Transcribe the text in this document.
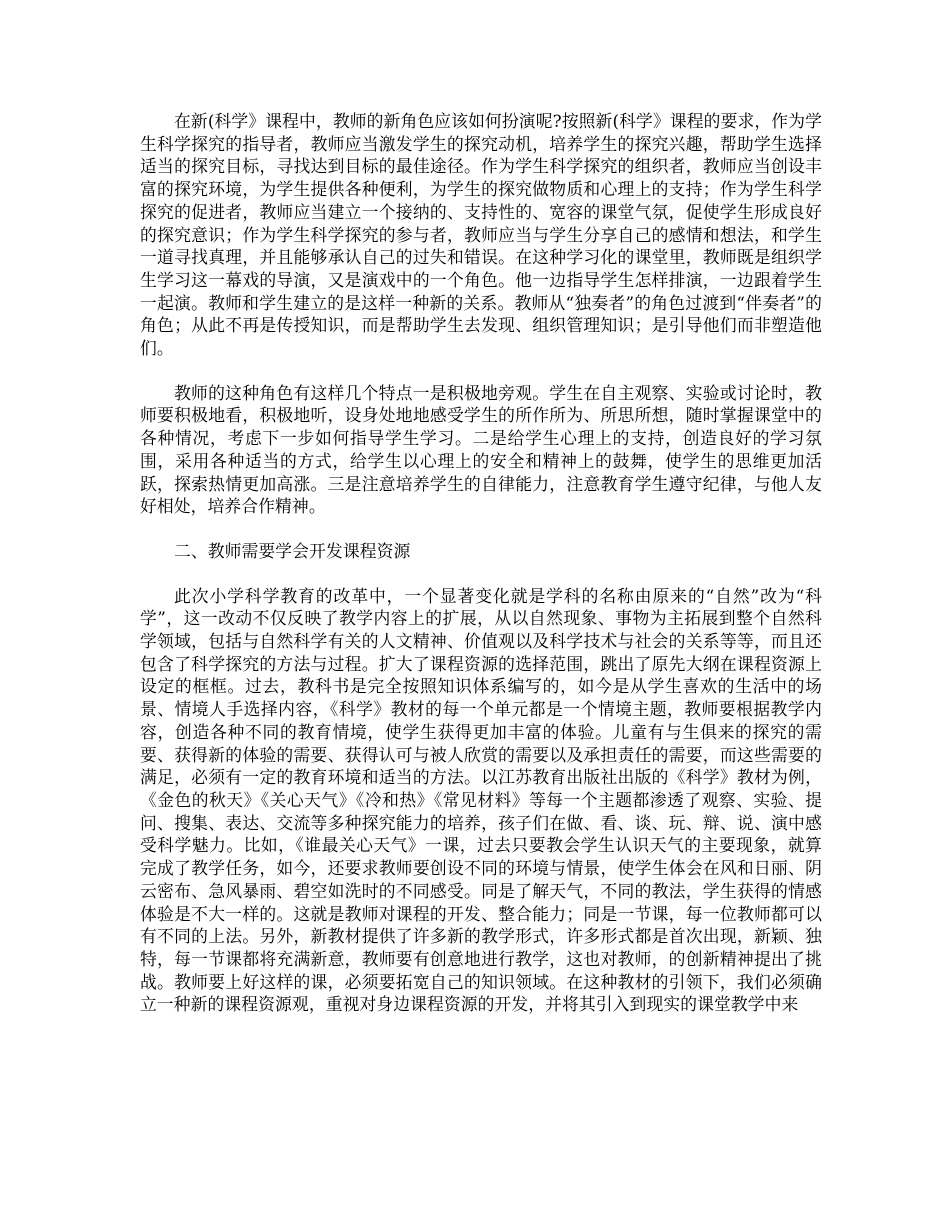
在新(科学》课程中，教师的新角色应该如何扮演呢?按照新(科学》课程的要求，作为学生科学探究的指导者，教师应当激发学生的探究动机，培养学生的探究兴趣，帮助学生选择适当的探究目标，寻找达到目标的最佳途径。作为学生科学探究的组织者，教师应当创设丰富的探究环境，为学生提供各种便利，为学生的探究做物质和心理上的支持；作为学生科学探究的促进者，教师应当建立一个接纳的、支持性的、宽容的课堂气氛，促使学生形成良好的探究意识；作为学生科学探究的参与者，教师应当与学生分享自己的感情和想法，和学生一道寻找真理，并且能够承认自己的过失和错误。在这种学习化的课堂里，教师既是组织学生学习这一幕戏的导演，又是演戏中的一个角色。他一边指导学生怎样排演，一边跟着学生一起演。教师和学生建立的是这样一种新的关系。教师从“独奏者”的角色过渡到“伴奏者”的角色；从此不再是传授知识，而是帮助学生去发现、组织管理知识；是引导他们而非塑造他们。

教师的这种角色有这样几个特点一是积极地旁观。学生在自主观察、实验或讨论时，教师要积极地看，积极地听，设身处地地感受学生的所作所为、所思所想，随时掌握课堂中的各种情况，考虑下一步如何指导学生学习。二是给学生心理上的支持，创造良好的学习氛围，采用各种适当的方式，给学生以心理上的安全和精神上的鼓舞，使学生的思维更加活跃，探索热情更加高涨。三是注意培养学生的自律能力，注意教育学生遵守纪律，与他人友好相处，培养合作精神。

二、教师需要学会开发课程资源

此次小学科学教育的改革中，一个显著变化就是学科的名称由原来的“自然”改为“科学”，这一改动不仅反映了教学内容上的扩展，从以自然现象、事物为主拓展到整个自然科学领域，包括与自然科学有关的人文精神、价值观以及科学技术与社会的关系等等，而且还包含了科学探究的方法与过程。扩大了课程资源的选择范围，跳出了原先大纲在课程资源上设定的框框。过去，教科书是完全按照知识体系编写的，如今是从学生喜欢的生活中的场景、情境人手选择内容，《科学》教材的每一个单元都是一个情境主题，教师要根据教学内容，创造各种不同的教育情境，使学生获得更加丰富的体验。儿童有与生俱来的探究的需要、获得新的体验的需要、获得认可与被人欣赏的需要以及承担责任的需要，而这些需要的满足，必须有一定的教育环境和适当的方法。以江苏教育出版社出版的《科学》教材为例，《金色的秋天》《关心天气》《冷和热》《常见材料》等每一个主题都渗透了观察、实验、提问、搜集、表达、交流等多种探究能力的培养，孩子们在做、看、谈、玩、辩、说、演中感受科学魅力。比如，《谁最关心天气》一课，过去只要教会学生认识天气的主要现象，就算完成了教学任务，如今，还要求教师要创设不同的环境与情景，使学生体会在风和日丽、阴云密布、急风暴雨、碧空如洗时的不同感受。同是了解天气，不同的教法，学生获得的情感体验是不大一样的。这就是教师对课程的开发、整合能力；同是一节课，每一位教师都可以有不同的上法。另外，新教材提供了许多新的教学形式，许多形式都是首次出现，新颖、独特，每一节课都将充满新意，教师要有创意地进行教学，这也对教师，的创新精神提出了挑战。教师要上好这样的课，必须要拓宽自己的知识领域。在这种教材的引领下，我们必须确立一种新的课程资源观，重视对身边课程资源的开发，并将其引入到现实的课堂教学中来
